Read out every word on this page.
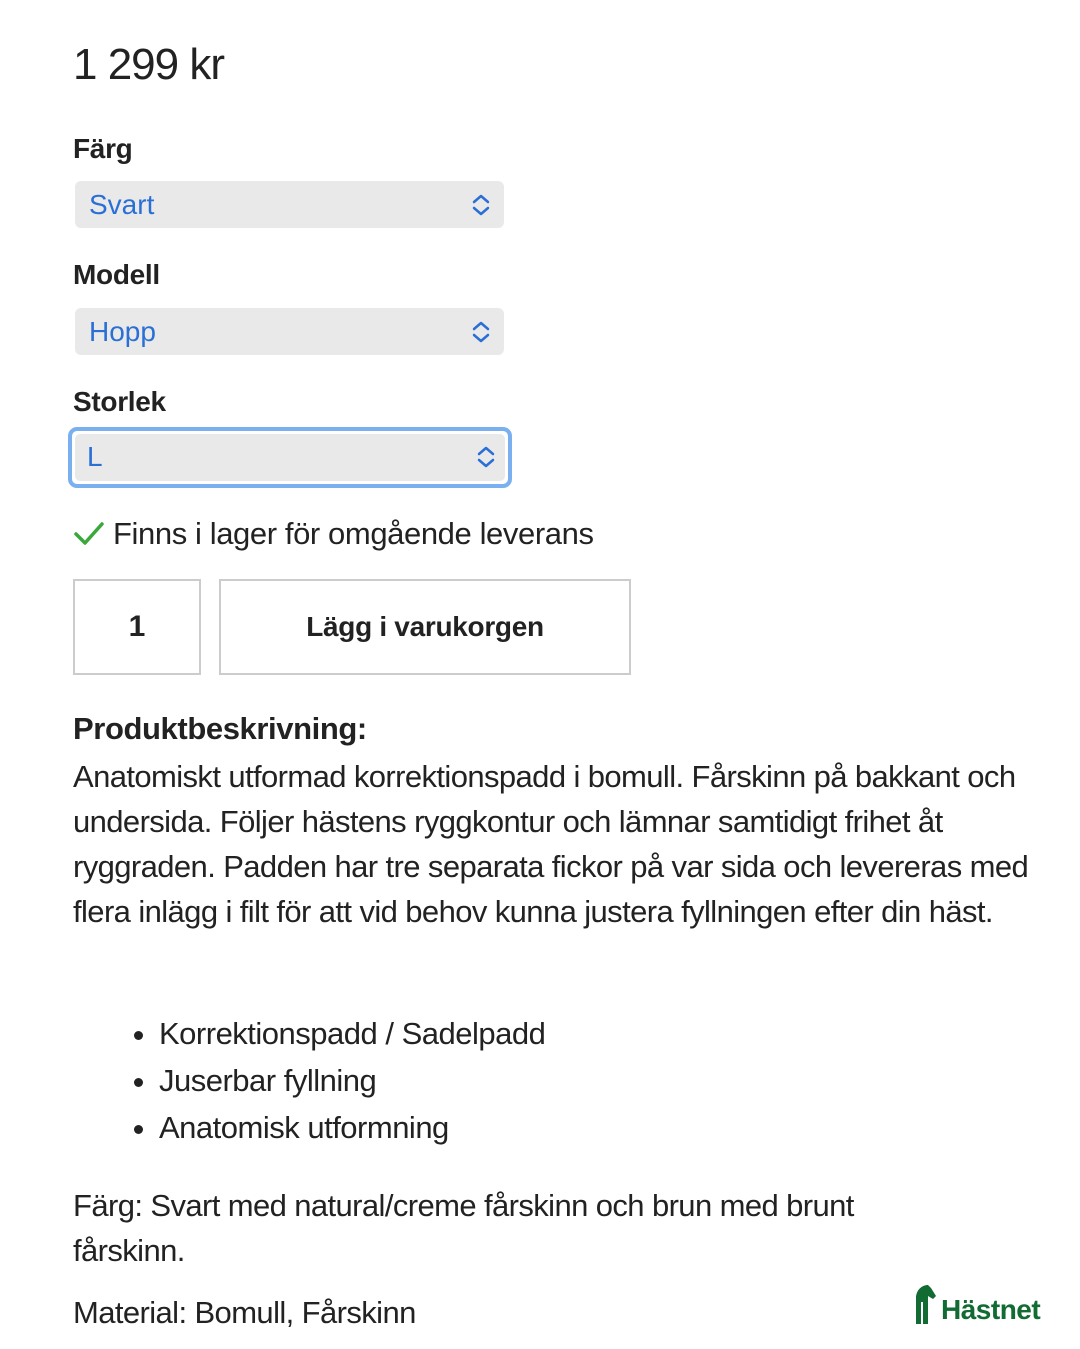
1 299 kr
Färg
Svart
Modell
Hopp
Storlek
L
Finns i lager för omgående leverans
1	Lägg i varukorgen
Produktbeskrivning:
Anatomiskt utformad korrektionspadd i bomull. Fårskinn på bakkant och undersida. Följer hästens ryggkontur och lämnar samtidigt frihet åt ryggraden. Padden har tre separata fickor på var sida och levereras med flera inlägg i filt för att vid behov kunna justera fyllningen efter din häst.
• Korrektionspadd / Sadelpadd
• Juserbar fyllning
• Anatomisk utformning
Färg: Svart med natural/creme fårskinn och brun med brunt fårskinn.
Material: Bomull, Fårskinn	Hästnet
